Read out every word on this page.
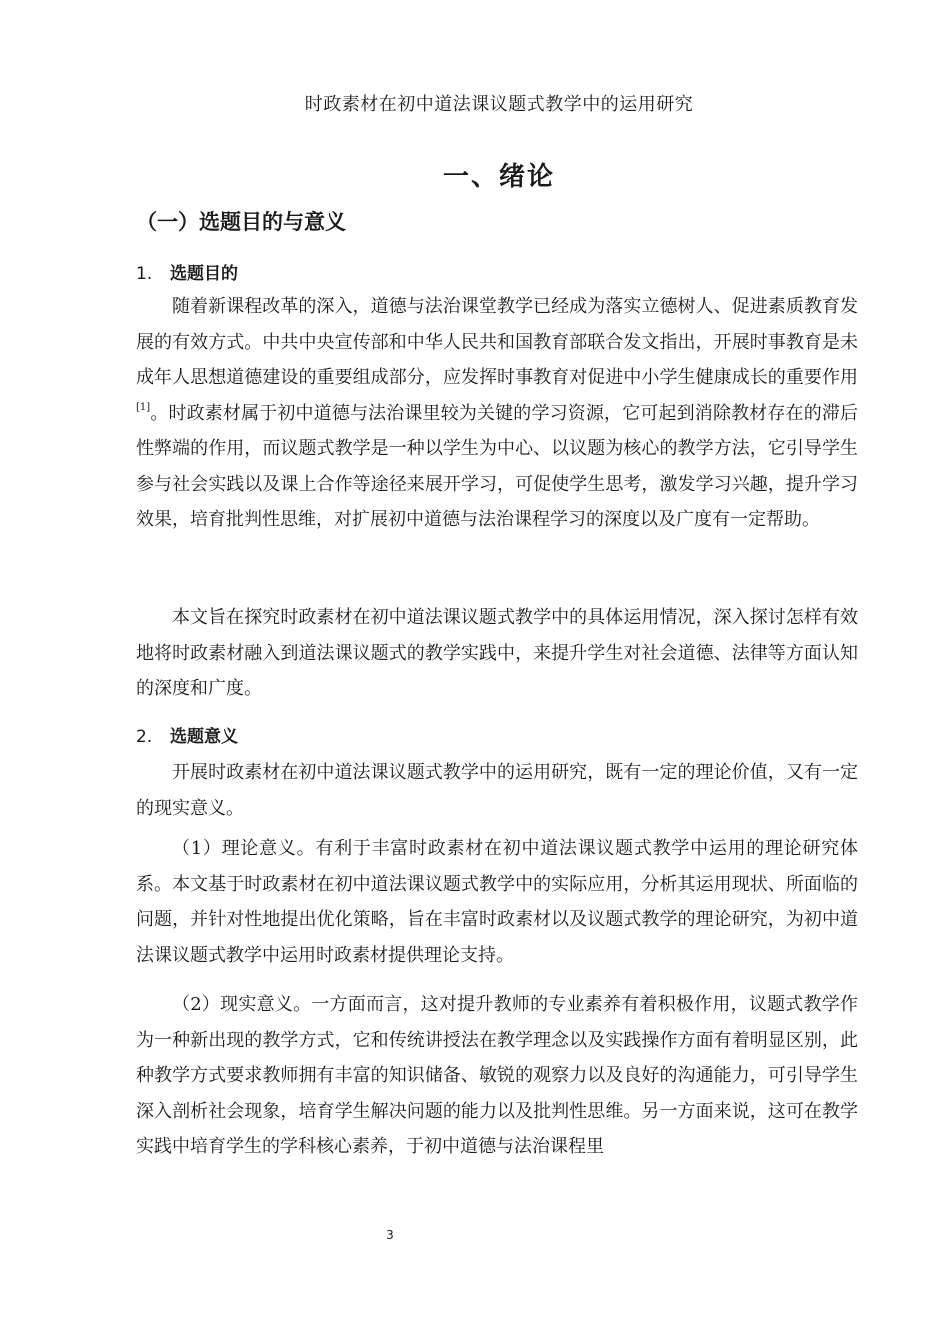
时政素材在初中道法课议题式教学中的运用研究
一、绪论
（一）选题目的与意义
1. 选题目的

随着新课程改革的深入，道德与法治课堂教学已经成为落实立德树人、促进素质教育发展的有效方式。中共中央宣传部和中华人民共和国教育部联合发文指出，开展时事教育是未成年人思想道德建设的重要组成部分，应发挥时事教育对促进中小学生健康成长的重要作用[1]。时政素材属于初中道德与法治课里较为关键的学习资源，它可起到消除教材存在的滞后性弊端的作用，而议题式教学是一种以学生为中心、以议题为核心的教学方法，它引导学生参与社会实践以及课上合作等途径来展开学习，可促使学生思考，激发学习兴趣，提升学习效果，培育批判性思维，对扩展初中道德与法治课程学习的深度以及广度有一定帮助。

本文旨在探究时政素材在初中道法课议题式教学中的具体运用情况，深入探讨怎样有效地将时政素材融入到道法课议题式的教学实践中，来提升学生对社会道德、法律等方面认知的深度和广度。

2. 选题意义

开展时政素材在初中道法课议题式教学中的运用研究，既有一定的理论价值，又有一定的现实意义。

（1）理论意义。有利于丰富时政素材在初中道法课议题式教学中运用的理论研究体系。本文基于时政素材在初中道法课议题式教学中的实际应用，分析其运用现状、所面临的问题，并针对性地提出优化策略，旨在丰富时政素材以及议题式教学的理论研究，为初中道法课议题式教学中运用时政素材提供理论支持。

（2）现实意义。一方面而言，这对提升教师的专业素养有着积极作用，议题式教学作为一种新出现的教学方式，它和传统讲授法在教学理念以及实践操作方面有着明显区别，此种教学方式要求教师拥有丰富的知识储备、敏锐的观察力以及良好的沟通能力，可引导学生深入剖析社会现象，培育学生解决问题的能力以及批判性思维。另一方面来说，这可在教学实践中培育学生的学科核心素养，于初中道德与法治课程里

3
